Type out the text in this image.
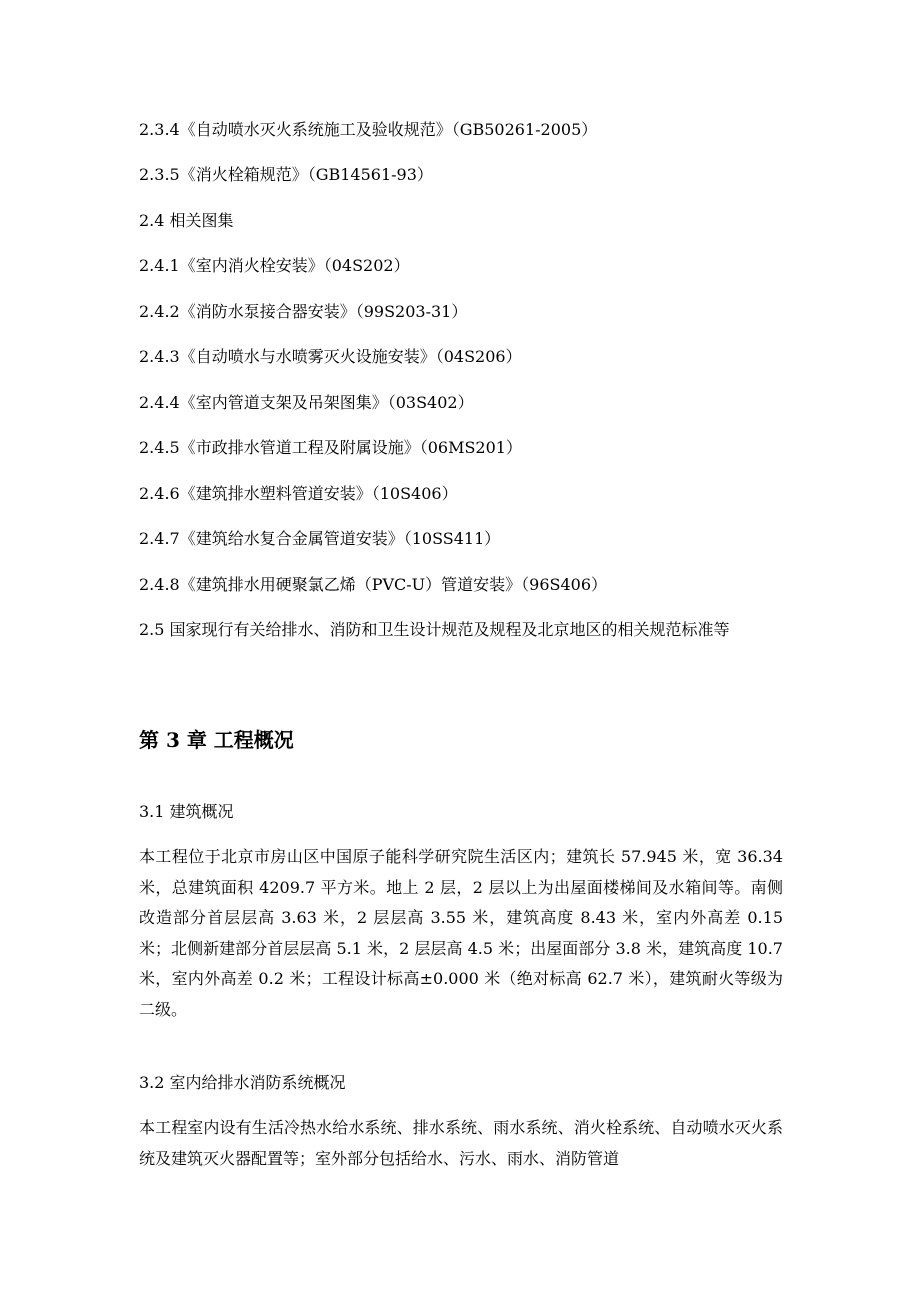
2.3.4《自动喷水灭火系统施工及验收规范》（GB50261-2005）
2.3.5《消火栓箱规范》（GB14561-93）
2.4 相关图集
2.4.1《室内消火栓安装》（04S202）
2.4.2《消防水泵接合器安装》（99S203-31）
2.4.3《自动喷水与水喷雾灭火设施安装》（04S206）
2.4.4《室内管道支架及吊架图集》（03S402）
2.4.5《市政排水管道工程及附属设施》（06MS201）
2.4.6《建筑排水塑料管道安装》（10S406）
2.4.7《建筑给水复合金属管道安装》（10SS411）
2.4.8《建筑排水用硬聚氯乙烯（PVC-U）管道安装》（96S406）
2.5 国家现行有关给排水、消防和卫生设计规范及规程及北京地区的相关规范标准等
第 3 章 工程概况
3.1 建筑概况
本工程位于北京市房山区中国原子能科学研究院生活区内；建筑长 57.945 米，宽 36.34 米，总建筑面积 4209.7 平方米。地上 2 层，2 层以上为出屋面楼梯间及水箱间等。南侧改造部分首层层高 3.63 米，2 层层高 3.55 米，建筑高度 8.43 米，室内外高差 0.15 米；北侧新建部分首层层高 5.1 米，2 层层高 4.5 米；出屋面部分 3.8 米，建筑高度 10.7 米，室内外高差 0.2 米；工程设计标高±0.000 米（绝对标高 62.7 米），建筑耐火等级为二级。
3.2 室内给排水消防系统概况
本工程室内设有生活冷热水给水系统、排水系统、雨水系统、消火栓系统、自动喷水灭火系统及建筑灭火器配置等；室外部分包括给水、污水、雨水、消防管道
